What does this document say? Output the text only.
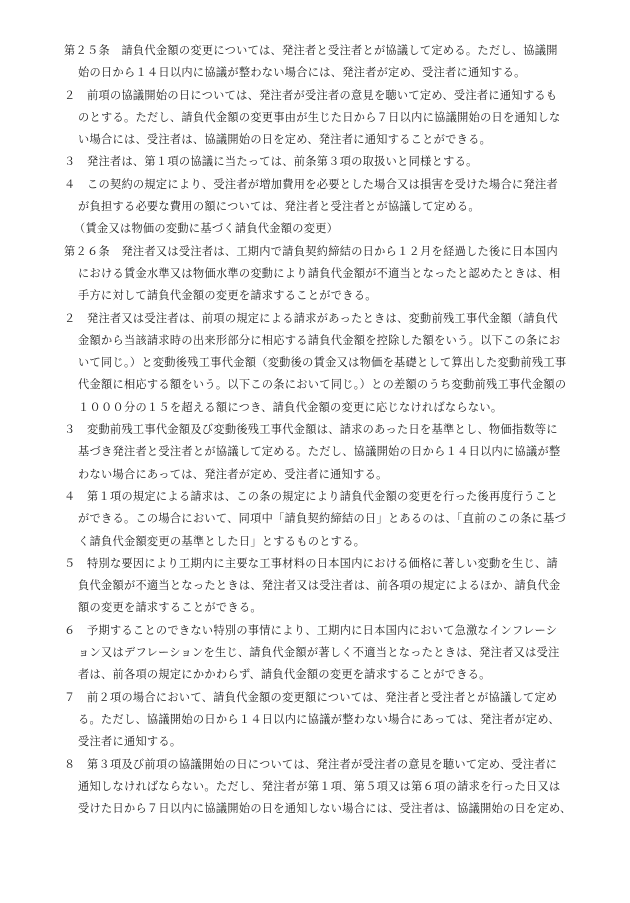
第２５条　請負代金額の変更については、発注者と受注者とが協議して定める。ただし、協議開
始の日から１４日以内に協議が整わない場合には、発注者が定め、受注者に通知する。
２　前項の協議開始の日については、発注者が受注者の意見を聴いて定め、受注者に通知するも
のとする。ただし、請負代金額の変更事由が生じた日から７日以内に協議開始の日を通知しな
い場合には、受注者は、協議開始の日を定め、発注者に通知することができる。
３　発注者は、第１項の協議に当たっては、前条第３項の取扱いと同様とする。
４　この契約の規定により、受注者が増加費用を必要とした場合又は損害を受けた場合に発注者
が負担する必要な費用の額については、発注者と受注者とが協議して定める。
（賃金又は物価の変動に基づく請負代金額の変更）
第２６条　発注者又は受注者は、工期内で請負契約締結の日から１２月を経過した後に日本国内
における賃金水準又は物価水準の変動により請負代金額が不適当となったと認めたときは、相
手方に対して請負代金額の変更を請求することができる。
２　発注者又は受注者は、前項の規定による請求があったときは、変動前残工事代金額（請負代
金額から当該請求時の出来形部分に相応する請負代金額を控除した額をいう。以下この条にお
いて同じ。）と変動後残工事代金額（変動後の賃金又は物価を基礎として算出した変動前残工事
代金額に相応する額をいう。以下この条において同じ。）との差額のうち変動前残工事代金額の
１０００分の１５を超える額につき、請負代金額の変更に応じなければならない。
３　変動前残工事代金額及び変動後残工事代金額は、請求のあった日を基準とし、物価指数等に
基づき発注者と受注者とが協議して定める。ただし、協議開始の日から１４日以内に協議が整
わない場合にあっては、発注者が定め、受注者に通知する。
４　第１項の規定による請求は、この条の規定により請負代金額の変更を行った後再度行うこと
ができる。この場合において、同項中「請負契約締結の日」とあるのは、「直前のこの条に基づ
く請負代金額変更の基準とした日」とするものとする。
５　特別な要因により工期内に主要な工事材料の日本国内における価格に著しい変動を生じ、請
負代金額が不適当となったときは、発注者又は受注者は、前各項の規定によるほか、請負代金
額の変更を請求することができる。
６　予期することのできない特別の事情により、工期内に日本国内において急激なインフレーシ
ョン又はデフレーションを生じ、請負代金額が著しく不適当となったときは、発注者又は受注
者は、前各項の規定にかかわらず、請負代金額の変更を請求することができる。
７　前２項の場合において、請負代金額の変更額については、発注者と受注者とが協議して定め
る。ただし、協議開始の日から１４日以内に協議が整わない場合にあっては、発注者が定め、
受注者に通知する。
８　第３項及び前項の協議開始の日については、発注者が受注者の意見を聴いて定め、受注者に
通知しなければならない。ただし、発注者が第１項、第５項又は第６項の請求を行った日又は
受けた日から７日以内に協議開始の日を通知しない場合には、受注者は、協議開始の日を定め、
